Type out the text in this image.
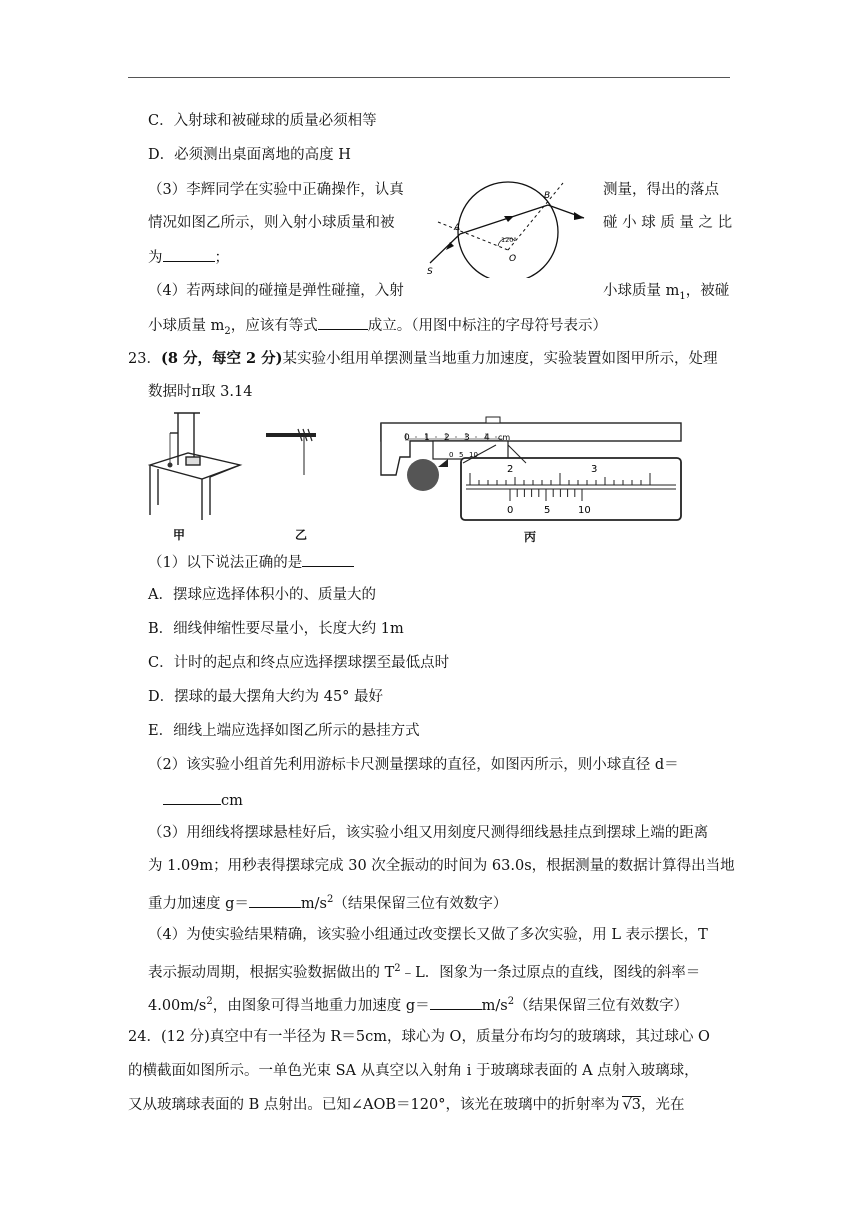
C．入射球和被碰球的质量必须相等
D．必须测出桌面离地的高度 H
（3）李辉同学在实验中正确操作，认真	测量，得出的落点
情况如图乙所示，则入射小球质量和被	碰 小 球 质 量 之 比
为	；
（4）若两球间的碰撞是弹性碰撞，入射	小球质量 $m_1$，被碰
小球质量 $m_2$，应该有等式	成立。（用图中标注的字母符号表示）
S
A
B
O
120°
23．(8 分，每空 2 分)某实验小组用单摆测量当地重力加速度，实验装置如图甲所示，处理
数据时π取 3.14
0 1 2 3 4 cm
0 5 10
2	3
0	5	10
甲	乙	丙
（1）以下说法正确的是
A．摆球应选择体积小的、质量大的
B．细线伸缩性要尽量小，长度大约 1m
C．计时的起点和终点应选择摆球摆至最低点时
D．摆球的最大摆角大约为 45° 最好
E．细线上端应选择如图乙所示的悬挂方式
（2）该实验小组首先利用游标卡尺测量摆球的直径，如图丙所示，则小球直径 d＝
cm
（3）用细线将摆球悬桂好后，该实验小组又用刻度尺测得细线悬挂点到摆球上端的距离
为 1.09m；用秒表得摆球完成 30 次全振动的时间为 63.0s，根据测量的数据计算得出当地
重力加速度 g＝	$m/s^2$（结果保留三位有效数字）
（4）为使实验结果精确，该实验小组通过改变摆长又做了多次实验，用 L 表示摆长，T
表示振动周期，根据实验数据做出的 $T^2﹣L$．图象为一条过原点的直线，图线的斜率＝
$4.00m/s^2$，由图象可得当地重力加速度 g＝	$m/s^2$（结果保留三位有效数字）
24．(12 分)真空中有一半径为 R＝5cm，球心为 O，质量分布均匀的玻璃球，其过球心 O
的横截面如图所示。一单色光束 SA 从真空以入射角 i 于玻璃球表面的 A 点射入玻璃球，
又从玻璃球表面的 B 点射出。已知∠AOB＝120°，该光在玻璃中的折射率为 √3，光在
